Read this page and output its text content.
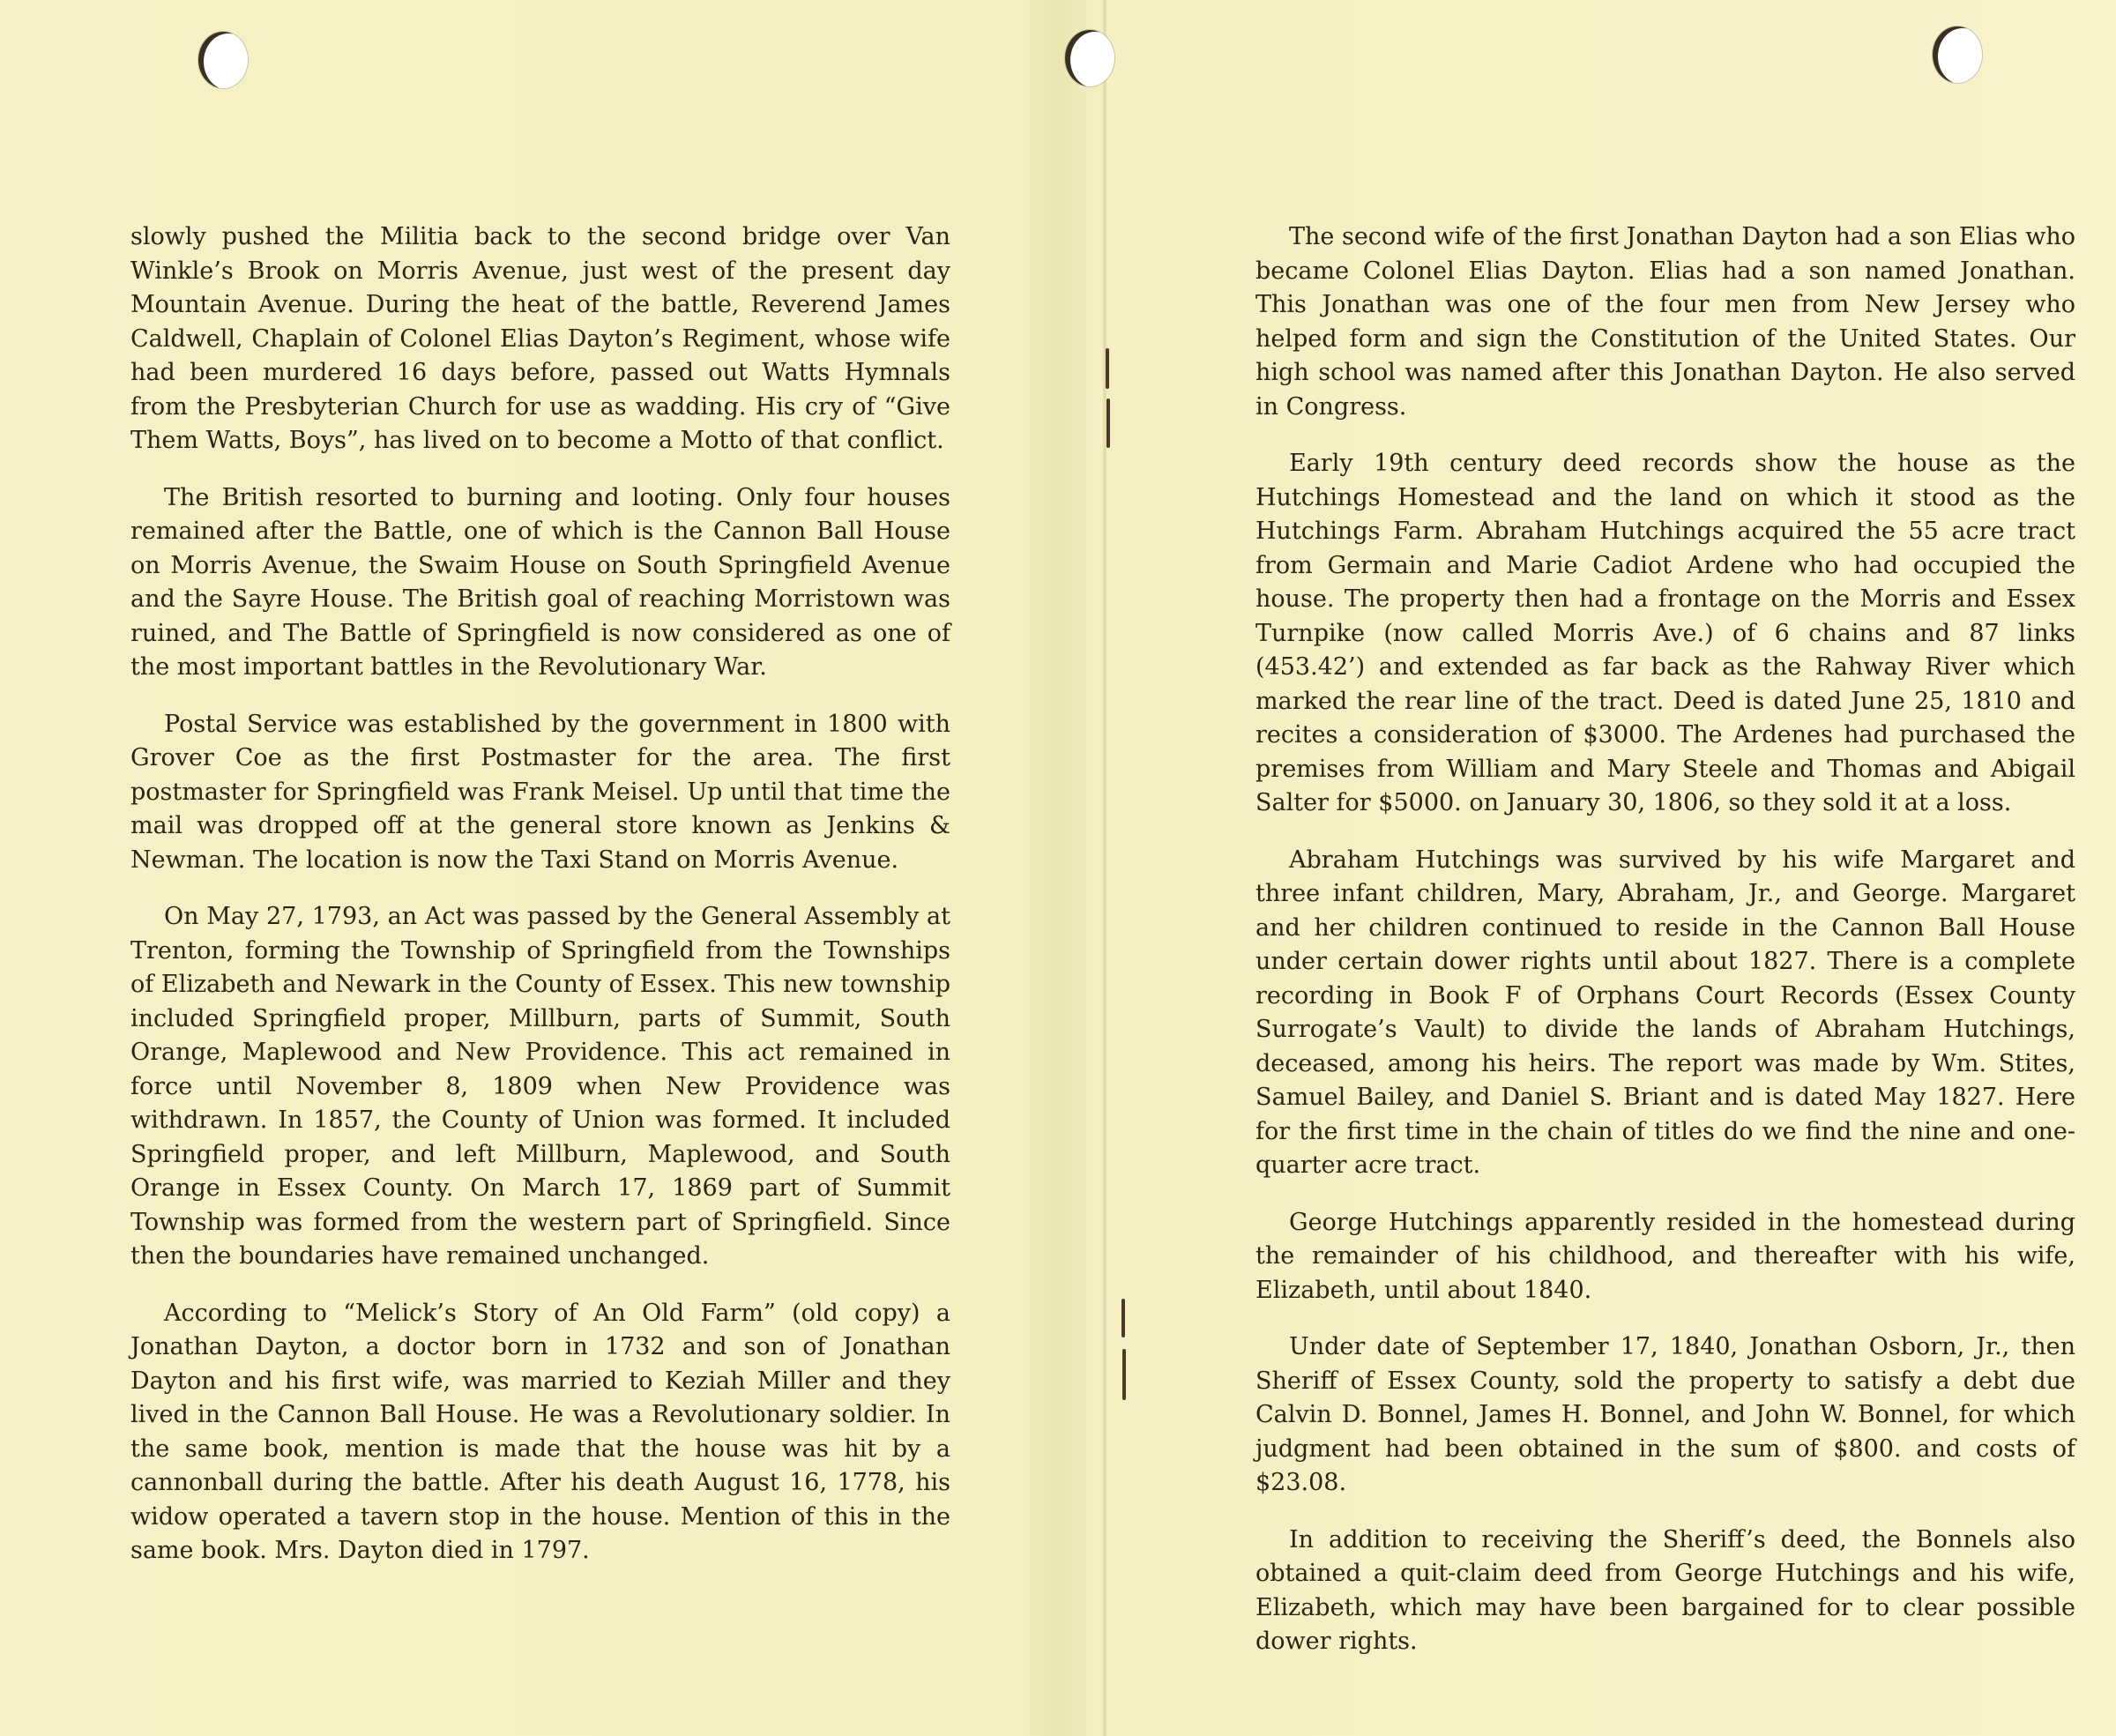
slowly pushed the Militia back to the second bridge over Van Winkle’s Brook on Morris Avenue, just west of the present day Mountain Avenue. During the heat of the battle, Reverend James Caldwell, Chaplain of Colonel Elias Dayton’s Regiment, whose wife had been murdered 16 days before, passed out Watts Hymnals from the Presbyterian Church for use as wadding. His cry of “Give Them Watts, Boys”, has lived on to become a Motto of that conflict.

The British resorted to burning and looting. Only four houses remained after the Battle, one of which is the Cannon Ball House on Morris Avenue, the Swaim House on South Springfield Avenue and the Sayre House. The British goal of reaching Morristown was ruined, and The Battle of Springfield is now considered as one of the most important battles in the Revolutionary War.

Postal Service was established by the government in 1800 with Grover Coe as the first Postmaster for the area. The first postmaster for Springfield was Frank Meisel. Up until that time the mail was dropped off at the general store known as Jenkins & Newman. The location is now the Taxi Stand on Morris Avenue.

On May 27, 1793, an Act was passed by the General Assembly at Trenton, forming the Township of Springfield from the Townships of Elizabeth and Newark in the County of Essex. This new township included Springfield proper, Millburn, parts of Summit, South Orange, Maplewood and New Providence. This act remained in force until November 8, 1809 when New Providence was withdrawn. In 1857, the County of Union was formed. It included Springfield proper, and left Millburn, Maplewood, and South Orange in Essex County. On March 17, 1869 part of Summit Township was formed from the western part of Springfield. Since then the boundaries have remained unchanged.

According to “Melick’s Story of An Old Farm” (old copy) a Jonathan Dayton, a doctor born in 1732 and son of Jonathan Dayton and his first wife, was married to Keziah Miller and they lived in the Cannon Ball House. He was a Revolutionary soldier. In the same book, mention is made that the house was hit by a cannonball during the battle. After his death August 16, 1778, his widow operated a tavern stop in the house. Mention of this in the same book. Mrs. Dayton died in 1797.

The second wife of the first Jonathan Dayton had a son Elias who became Colonel Elias Dayton. Elias had a son named Jonathan. This Jonathan was one of the four men from New Jersey who helped form and sign the Constitution of the United States. Our high school was named after this Jonathan Dayton. He also served in Congress.

Early 19th century deed records show the house as the Hutchings Homestead and the land on which it stood as the Hutchings Farm. Abraham Hutchings acquired the 55 acre tract from Germain and Marie Cadiot Ardene who had occupied the house. The property then had a frontage on the Morris and Essex Turnpike (now called Morris Ave.) of 6 chains and 87 links (453.42’) and extended as far back as the Rahway River which marked the rear line of the tract. Deed is dated June 25, 1810 and recites a consideration of $3000. The Ardenes had purchased the premises from William and Mary Steele and Thomas and Abigail Salter for $5000. on January 30, 1806, so they sold it at a loss.

Abraham Hutchings was survived by his wife Margaret and three infant children, Mary, Abraham, Jr., and George. Margaret and her children continued to reside in the Cannon Ball House under certain dower rights until about 1827. There is a complete recording in Book F of Orphans Court Records (Essex County Surrogate’s Vault) to divide the lands of Abraham Hutchings, deceased, among his heirs. The report was made by Wm. Stites, Samuel Bailey, and Daniel S. Briant and is dated May 1827. Here for the first time in the chain of titles do we find the nine and one-quarter acre tract.

George Hutchings apparently resided in the homestead during the remainder of his childhood, and thereafter with his wife, Elizabeth, until about 1840.

Under date of September 17, 1840, Jonathan Osborn, Jr., then Sheriff of Essex County, sold the property to satisfy a debt due Calvin D. Bonnel, James H. Bonnel, and John W. Bonnel, for which judgment had been obtained in the sum of $800. and costs of $23.08.

In addition to receiving the Sheriff’s deed, the Bonnels also obtained a quit-claim deed from George Hutchings and his wife, Elizabeth, which may have been bargained for to clear possible dower rights.
